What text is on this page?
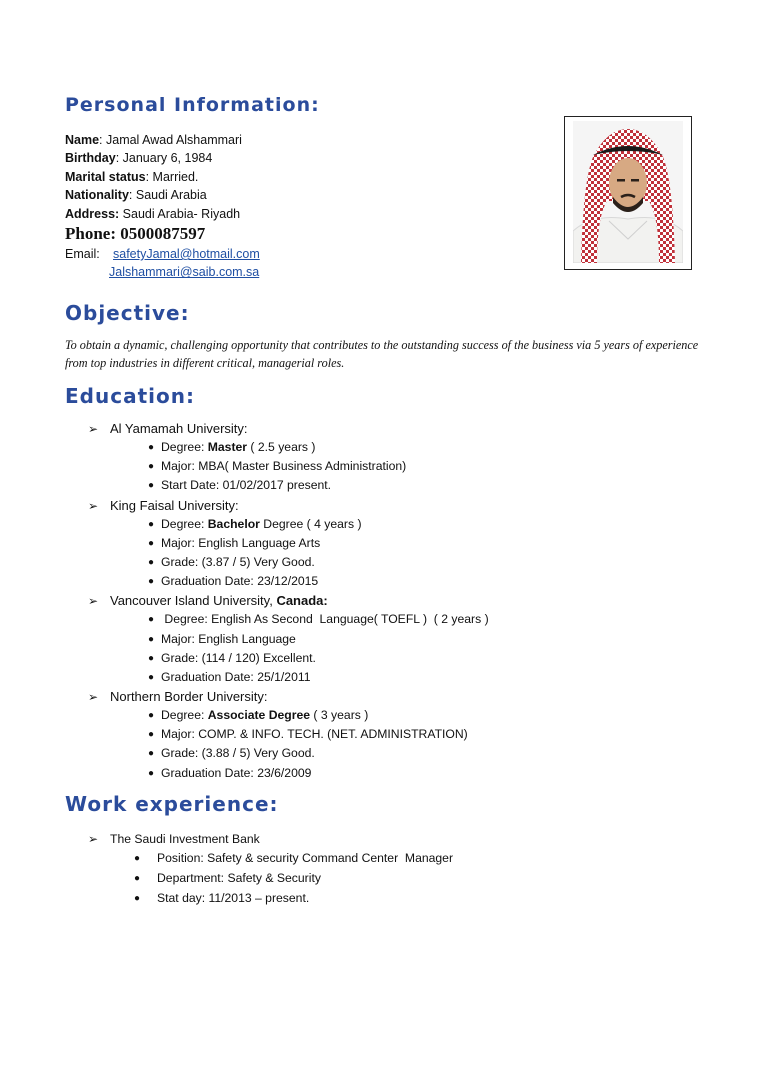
Personal Information:
Name: Jamal Awad Alshammari
Birthday: January 6, 1984
Marital status: Married.
Nationality: Saudi Arabia
Address: Saudi Arabia- Riyadh
Phone: 0500087597
Email: safetyJamal@hotmail.com
Jalshammari@saib.com.sa
Objective:

To obtain a dynamic, challenging opportunity that contributes to the outstanding success of the business via 5 years of experience from top industries in different critical, managerial roles.

Education:
➢ Al Yamamah University:
● Degree: Master ( 2.5 years )
● Major: MBA( Master Business Administration)
● Start Date: 01/02/2017 present.
➢ King Faisal University:
● Degree: Bachelor Degree ( 4 years )
● Major: English Language Arts
● Grade: (3.87 / 5) Very Good.
● Graduation Date: 23/12/2015
➢ Vancouver Island University, Canada:
● Degree: English As Second  Language( TOEFL )  ( 2 years )
● Major: English Language
● Grade: (114 / 120) Excellent.
● Graduation Date: 25/1/2011
➢ Northern Border University:
● Degree: Associate Degree ( 3 years )
● Major: COMP. & INFO. TECH. (NET. ADMINISTRATION)
● Grade: (3.88 / 5) Very Good.
● Graduation Date: 23/6/2009
Work experience:
➢ The Saudi Investment Bank
● Position: Safety & security Command Center  Manager
● Department: Safety & Security
● Stat day: 11/2013 – present.
